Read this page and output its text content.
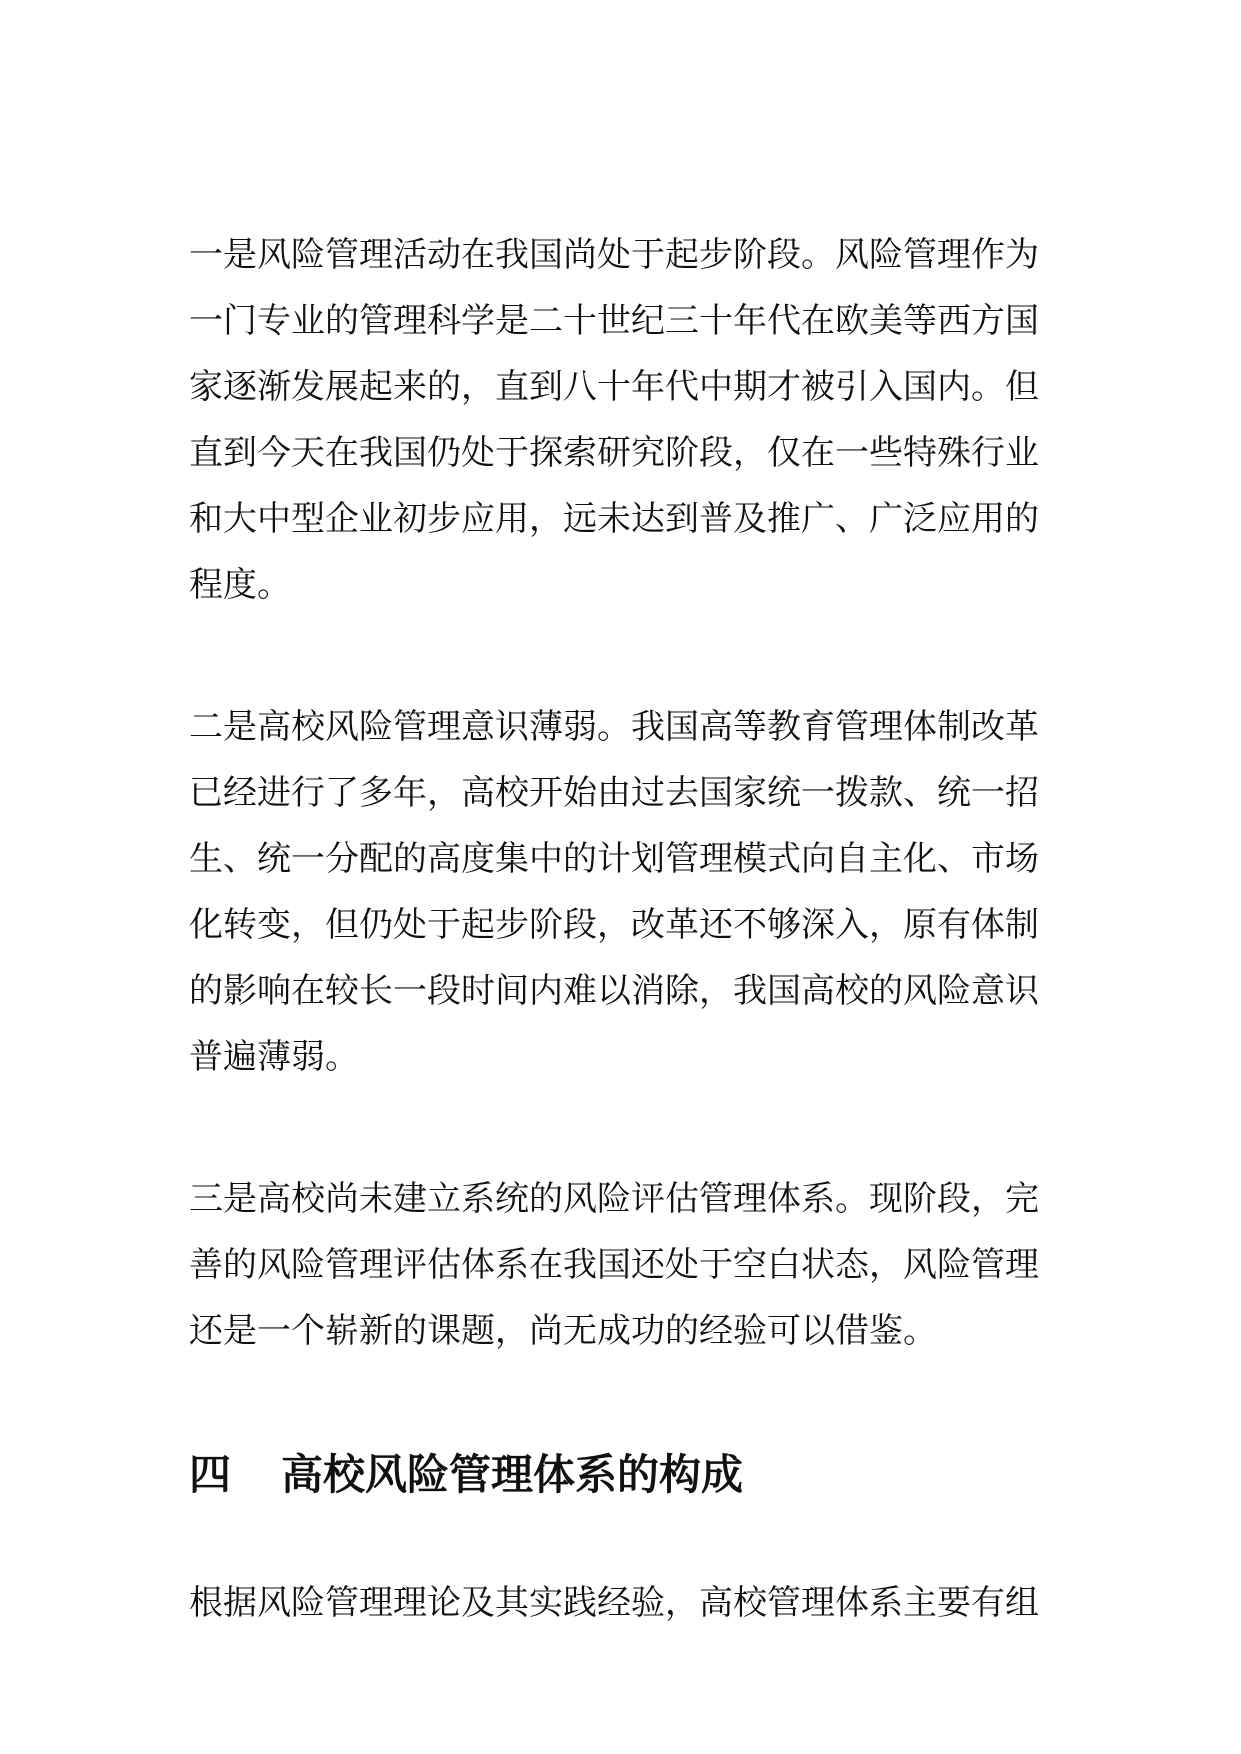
一是风险管理活动在我国尚处于起步阶段。风险管理作为
一门专业的管理科学是二十世纪三十年代在欧美等西方国
家逐渐发展起来的，直到八十年代中期才被引入国内。但
直到今天在我国仍处于探索研究阶段，仅在一些特殊行业
和大中型企业初步应用，远未达到普及推广、广泛应用的
程度。

二是高校风险管理意识薄弱。我国高等教育管理体制改革
已经进行了多年，高校开始由过去国家统一拨款、统一招
生、统一分配的高度集中的计划管理模式向自主化、市场
化转变，但仍处于起步阶段，改革还不够深入，原有体制
的影响在较长一段时间内难以消除，我国高校的风险意识
普遍薄弱。

三是高校尚未建立系统的风险评估管理体系。现阶段，完
善的风险管理评估体系在我国还处于空白状态，风险管理
还是一个崭新的课题，尚无成功的经验可以借鉴。

四 高校风险管理体系的构成

根据风险管理理论及其实践经验，高校管理体系主要有组
